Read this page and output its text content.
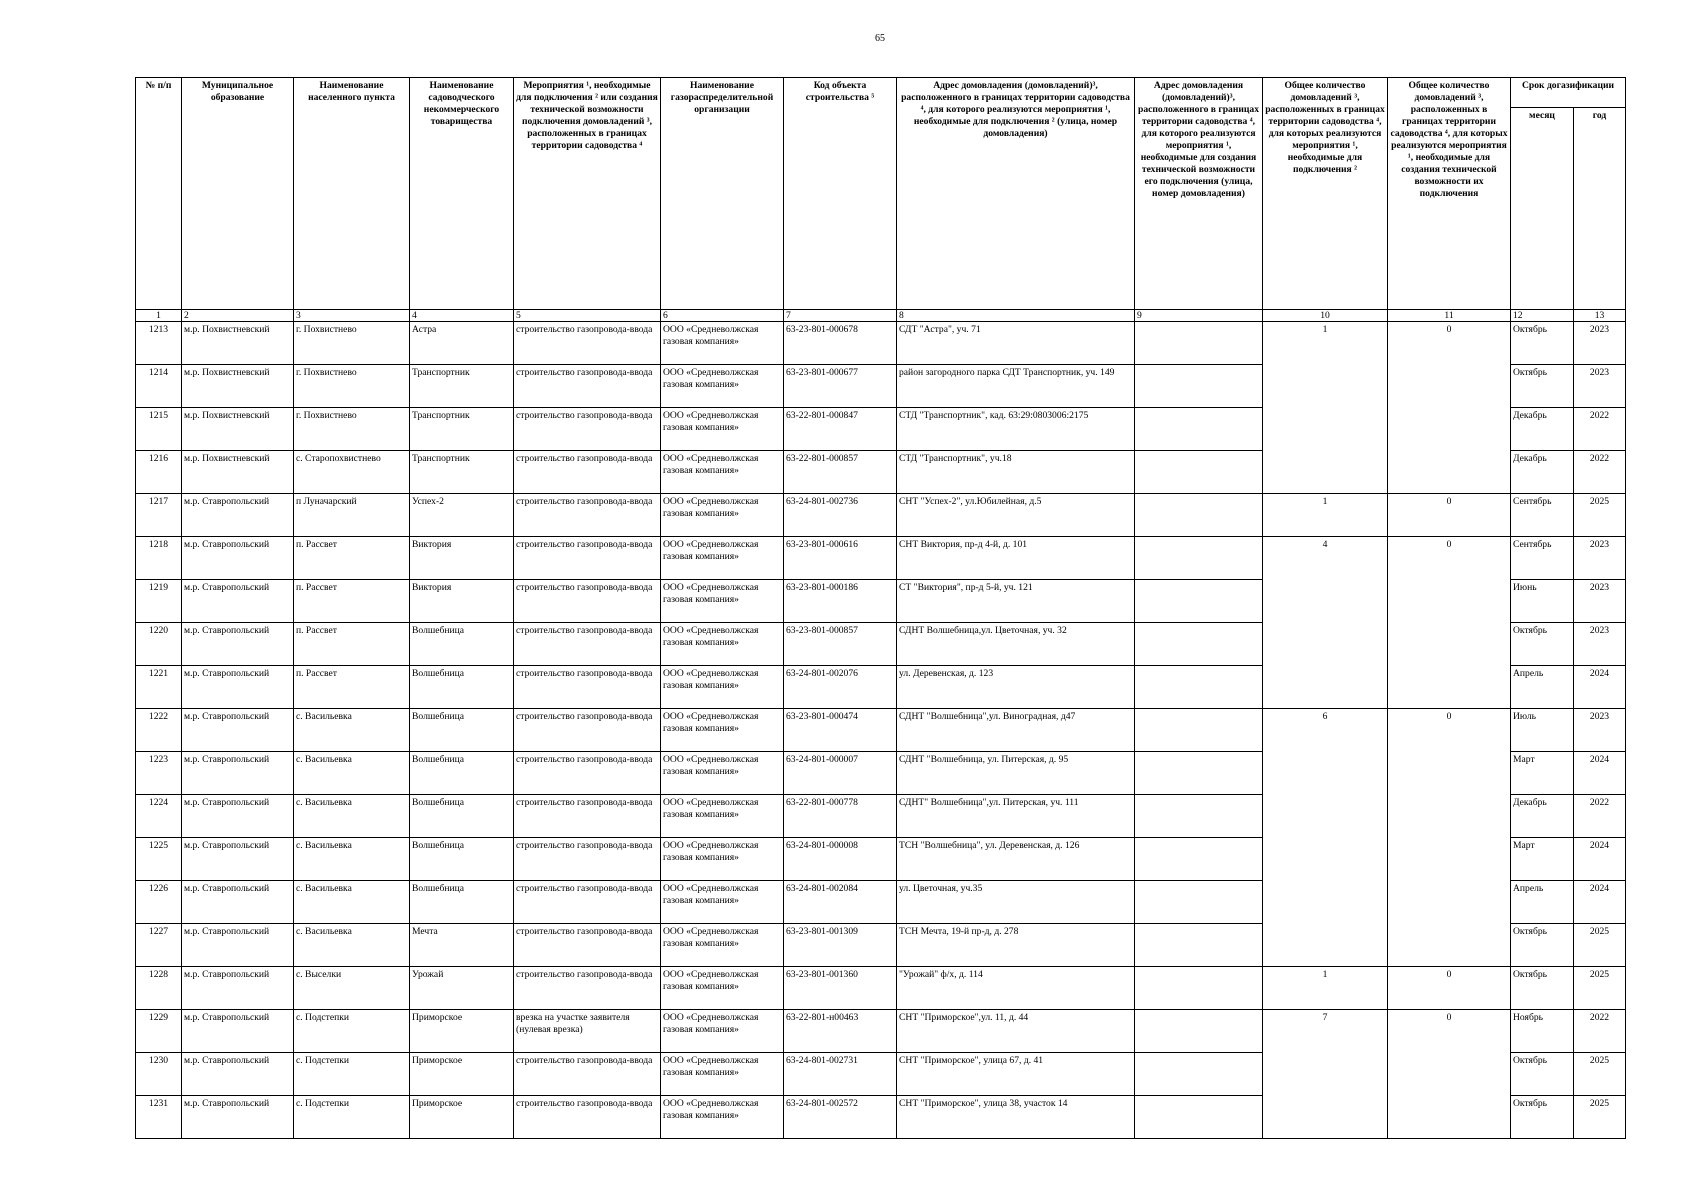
65
№ п/п	Муниципальное образование	Наименование населенного пункта	Наименование садоводческого некоммерческого товарищества	Мероприятия ¹, необходимые для подключения ² или создания технической возможности подключения домовладений ³, расположенных в границах территории садоводства ⁴	Наименование газораспределительной организации	Код объекта строительства ⁵	Адрес домовладения (домовладений)³, расположенного в границах территории садоводства ⁴, для которого реализуются мероприятия ¹, необходимые для подключения ² (улица, номер домовладения)	Адрес домовладения (домовладений)³, расположенного в границах территории садоводства ⁴, для которого реализуются мероприятия ¹, необходимые для создания технической возможности его подключения (улица, номер домовладения)	Общее количество домовладений ³, расположенных в границах территории садоводства ⁴, для которых реализуются мероприятия ¹, необходимые для подключения ²	Общее количество домовладений ³, расположенных в границах территории садоводства ⁴, для которых реализуются мероприятия ¹, необходимые для создания технической возможности их подключения	Срок догазификации	
											месяц	год
1	2	3	4	5	6	7	8	9	10	11	12	13
1213	м.р. Похвистневский	г. Похвистнево	Астра	строительство газопровода-ввода	ООО «Средневолжская газовая компания»	63-23-801-000678	СДТ "Астра", уч. 71		1	0	Октябрь	2023
1214	м.р. Похвистневский	г. Похвистнево	Транспортник	строительство газопровода-ввода	ООО «Средневолжская газовая компания»	63-23-801-000677	район загородного парка СДТ Транспортник, уч. 149				Октябрь	2023
1215	м.р. Похвистневский	г. Похвистнево	Транспортник	строительство газопровода-ввода	ООО «Средневолжская газовая компания»	63-22-801-000847	СТД "Транспортник", кад. 63:29:0803006:2175				Декабрь	2022
1216	м.р. Похвистневский	с. Старопохвистнево	Транспортник	строительство газопровода-ввода	ООО «Средневолжская газовая компания»	63-22-801-000857	СТД "Транспортник", уч.18				Декабрь	2022
1217	м.р. Ставропольский	п Луначарский	Успех-2	строительство газопровода-ввода	ООО «Средневолжская газовая компания»	63-24-801-002736	СНТ "Успех-2", ул.Юбилейная, д.5		1	0	Сентябрь	2025
1218	м.р. Ставропольский	п. Рассвет	Виктория	строительство газопровода-ввода	ООО «Средневолжская газовая компания»	63-23-801-000616	СНТ Виктория, пр-д 4-й, д. 101		4	0	Сентябрь	2023
1219	м.р. Ставропольский	п. Рассвет	Виктория	строительство газопровода-ввода	ООО «Средневолжская газовая компания»	63-23-801-000186	СТ "Виктория", пр-д 5-й, уч. 121				Июнь	2023
1220	м.р. Ставропольский	п. Рассвет	Волшебница	строительство газопровода-ввода	ООО «Средневолжская газовая компания»	63-23-801-000857	СДНТ Волшебница,ул. Цветочная, уч. 32				Октябрь	2023
1221	м.р. Ставропольский	п. Рассвет	Волшебница	строительство газопровода-ввода	ООО «Средневолжская газовая компания»	63-24-801-002076	ул. Деревенская, д. 123				Апрель	2024
1222	м.р. Ставропольский	с. Васильевка	Волшебница	строительство газопровода-ввода	ООО «Средневолжская газовая компания»	63-23-801-000474	СДНТ "Волшебница",ул. Виноградная, д47		6	0	Июль	2023
1223	м.р. Ставропольский	с. Васильевка	Волшебница	строительство газопровода-ввода	ООО «Средневолжская газовая компания»	63-24-801-000007	СДНТ "Волшебница, ул. Питерская, д. 95				Март	2024
1224	м.р. Ставропольский	с. Васильевка	Волшебница	строительство газопровода-ввода	ООО «Средневолжская газовая компания»	63-22-801-000778	СДНТ" Волшебница",ул. Питерская, уч. 111				Декабрь	2022
1225	м.р. Ставропольский	с. Васильевка	Волшебница	строительство газопровода-ввода	ООО «Средневолжская газовая компания»	63-24-801-000008	ТСН "Волшебница", ул. Деревенская, д. 126				Март	2024
1226	м.р. Ставропольский	с. Васильевка	Волшебница	строительство газопровода-ввода	ООО «Средневолжская газовая компания»	63-24-801-002084	ул. Цветочная, уч.35				Апрель	2024
1227	м.р. Ставропольский	с. Васильевка	Мечта	строительство газопровода-ввода	ООО «Средневолжская газовая компания»	63-23-801-001309	ТСН Мечта, 19-й пр-д, д. 278				Октябрь	2025
1228	м.р. Ставропольский	с. Выселки	Урожай	строительство газопровода-ввода	ООО «Средневолжская газовая компания»	63-23-801-001360	"Урожай" ф/х, д. 114		1	0	Октябрь	2025
1229	м.р. Ставропольский	с. Подстепки	Приморское	врезка на участке заявителя (нулевая врезка)	ООО «Средневолжская газовая компания»	63-22-801-н00463	СНТ "Приморское",ул. 11, д. 44		7	0	Ноябрь	2022
1230	м.р. Ставропольский	с. Подстепки	Приморское	строительство газопровода-ввода	ООО «Средневолжская газовая компания»	63-24-801-002731	СНТ "Приморское", улица 67, д. 41				Октябрь	2025
1231	м.р. Ставропольский	с. Подстепки	Приморское	строительство газопровода-ввода	ООО «Средневолжская газовая компания»	63-24-801-002572	СНТ "Приморское", улица 38, участок 14				Октябрь	2025
